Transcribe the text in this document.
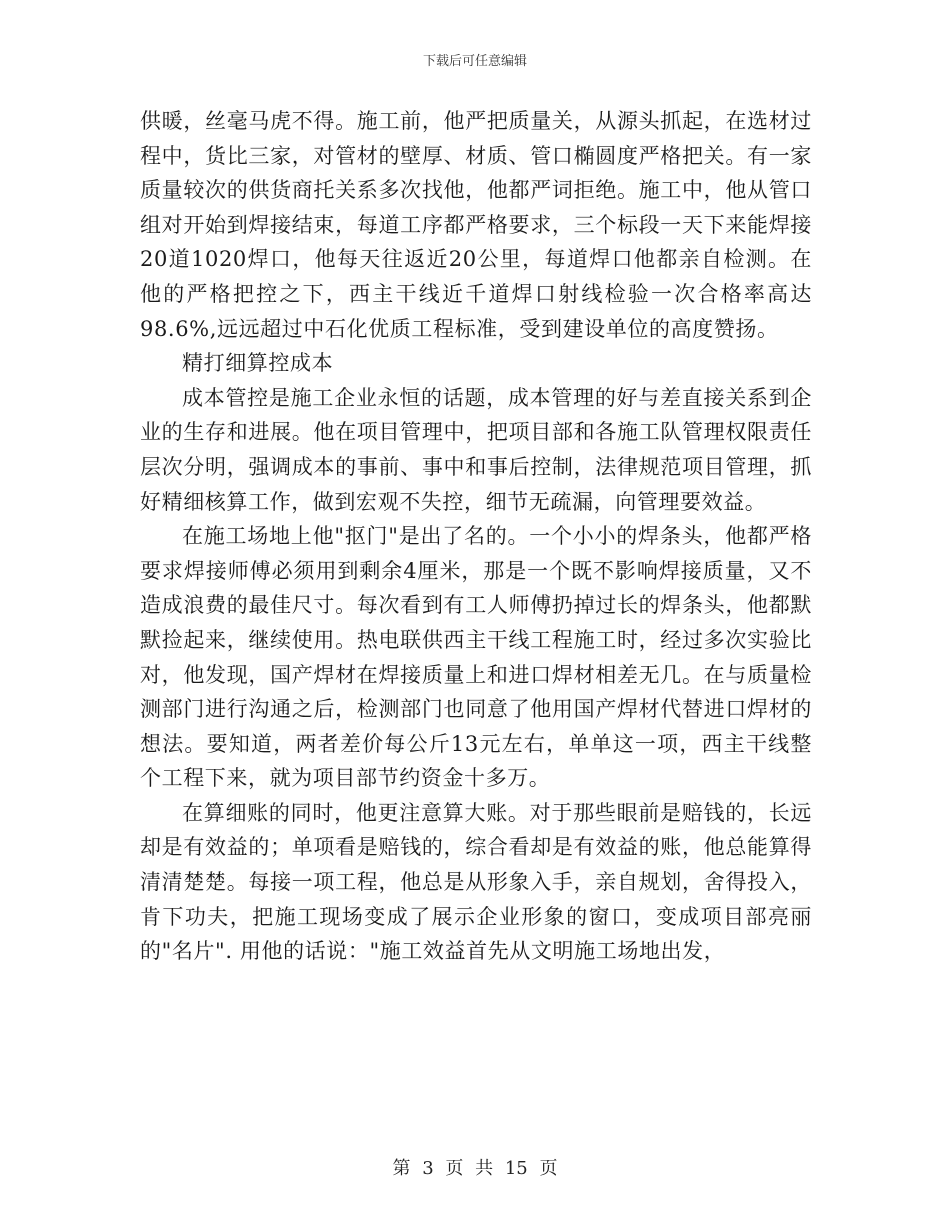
下载后可任意编辑

供暖，丝毫马虎不得。施工前，他严把质量关，从源头抓起，在选材过程中，货比三家，对管材的壁厚、材质、管口椭圆度严格把关。有一家质量较次的供货商托关系多次找他，他都严词拒绝。施工中，他从管口组对开始到焊接结束，每道工序都严格要求，三个标段一天下来能焊接20道1020焊口，他每天往返近20公里，每道焊口他都亲自检测。在他的严格把控之下，西主干线近千道焊口射线检验一次合格率高达98.6%,远远超过中石化优质工程标准，受到建设单位的高度赞扬。

精打细算控成本

成本管控是施工企业永恒的话题，成本管理的好与差直接关系到企业的生存和进展。他在项目管理中，把项目部和各施工队管理权限责任层次分明，强调成本的事前、事中和事后控制，法律规范项目管理，抓好精细核算工作，做到宏观不失控，细节无疏漏，向管理要效益。

在施工场地上他"抠门"是出了名的。一个小小的焊条头，他都严格要求焊接师傅必须用到剩余4厘米，那是一个既不影响焊接质量，又不造成浪费的最佳尺寸。每次看到有工人师傅扔掉过长的焊条头，他都默默捡起来，继续使用。热电联供西主干线工程施工时，经过多次实验比对，他发现，国产焊材在焊接质量上和进口焊材相差无几。在与质量检测部门进行沟通之后，检测部门也同意了他用国产焊材代替进口焊材的想法。要知道，两者差价每公斤13元左右，单单这一项，西主干线整个工程下来，就为项目部节约资金十多万。

在算细账的同时，他更注意算大账。对于那些眼前是赔钱的，长远却是有效益的；单项看是赔钱的，综合看却是有效益的账，他总能算得清清楚楚。每接一项工程，他总是从形象入手，亲自规划，舍得投入，肯下功夫，把施工现场变成了展示企业形象的窗口，变成项目部亮丽的"名片". 用他的话说："施工效益首先从文明施工场地出发，

第 3 页 共 15 页
